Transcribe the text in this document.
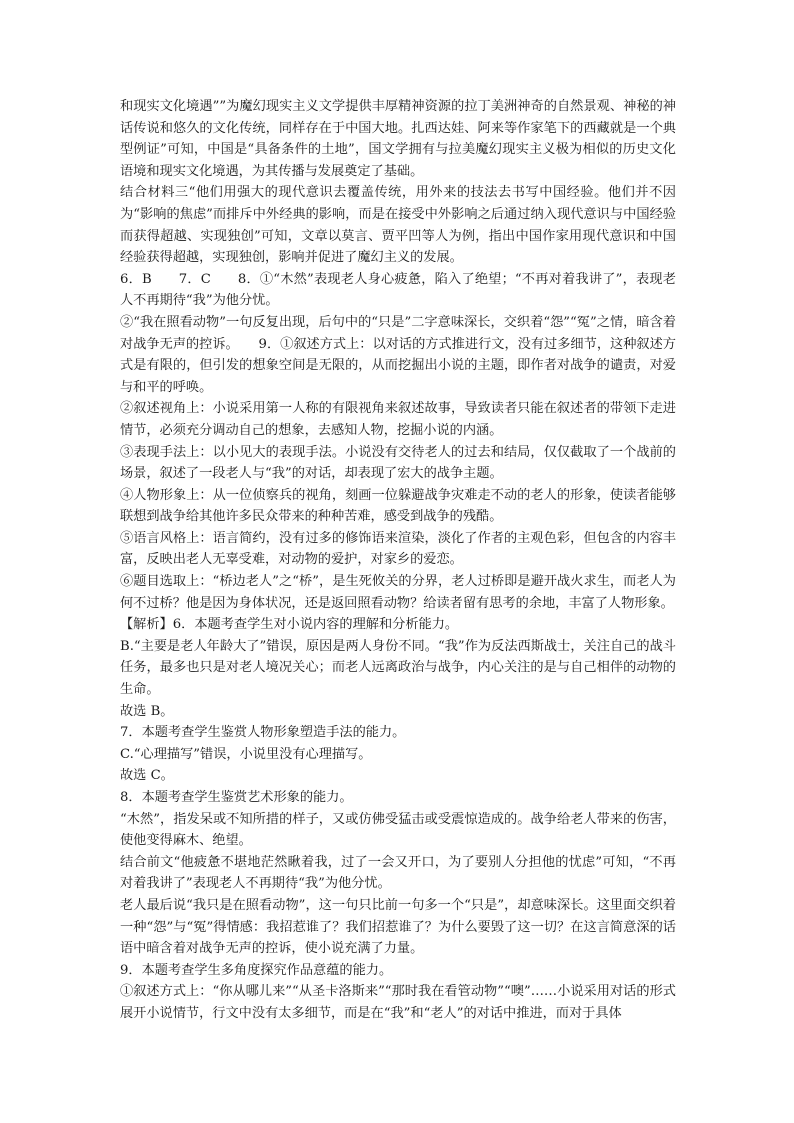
和现实文化境遇””为魔幻现实主义文学提供丰厚精神资源的拉丁美洲神奇的自然景观、神秘的神话传说和悠久的文化传统，同样存在于中国大地。扎西达娃、阿来等作家笔下的西藏就是一个典型例证”可知，中国是“具备条件的土地”，国文学拥有与拉美魔幻现实主义极为相似的历史文化语境和现实文化境遇，为其传播与发展奠定了基础。

结合材料三“他们用强大的现代意识去覆盖传统，用外来的技法去书写中国经验。他们并不因为“影响的焦虑”而排斥中外经典的影响，而是在接受中外影响之后通过纳入现代意识与中国经验而获得超越、实现独创”可知，文章以莫言、贾平凹等人为例，指出中国作家用现代意识和中国经验获得超越，实现独创，影响并促进了魔幻主义的发展。

6．B　　7．C　　8．①“木然”表现老人身心疲惫，陷入了绝望；“不再对着我讲了”，表现老人不再期待“我”为他分忧。

②“我在照看动物”一句反复出现，后句中的“只是”二字意味深长，交织着“怨”“冤”之情，暗含着对战争无声的控诉。　　9．①叙述方式上：以对话的方式推进行文，没有过多细节，这种叙述方式是有限的，但引发的想象空间是无限的，从而挖掘出小说的主题，即作者对战争的谴责，对爱与和平的呼唤。

②叙述视角上：小说采用第一人称的有限视角来叙述故事，导致读者只能在叙述者的带领下走进情节，必须充分调动自己的想象，去感知人物，挖掘小说的内涵。

③表现手法上：以小见大的表现手法。小说没有交待老人的过去和结局，仅仅截取了一个战前的场景，叙述了一段老人与“我”的对话，却表现了宏大的战争主题。

④人物形象上：从一位侦察兵的视角，刻画一位躲避战争灾难走不动的老人的形象，使读者能够联想到战争给其他许多民众带来的种种苦难，感受到战争的残酷。

⑤语言风格上：语言简约，没有过多的修饰语来渲染，淡化了作者的主观色彩，但包含的内容丰富，反映出老人无辜受难，对动物的爱护，对家乡的爱恋。

⑥题目选取上：“桥边老人”之“桥”，是生死攸关的分界，老人过桥即是避开战火求生，而老人为何不过桥？他是因为身体状况，还是返回照看动物？给读者留有思考的余地，丰富了人物形象。

【解析】6．本题考查学生对小说内容的理解和分析能力。

B.“主要是老人年龄大了”错误，原因是两人身份不同。“我”作为反法西斯战士，关注自己的战斗任务，最多也只是对老人境况关心；而老人远离政治与战争，内心关注的是与自己相伴的动物的生命。

故选 B。

7．本题考查学生鉴赏人物形象塑造手法的能力。

C.“心理描写”错误，小说里没有心理描写。

故选 C。

8．本题考查学生鉴赏艺术形象的能力。

“木然”，指发呆或不知所措的样子，又或仿佛受猛击或受震惊造成的。战争给老人带来的伤害，使他变得麻木、绝望。

结合前文“他疲惫不堪地茫然瞅着我，过了一会又开口，为了要别人分担他的忧虑”可知，“不再对着我讲了”表现老人不再期待“我”为他分忧。

老人最后说“我只是在照看动物”，这一句只比前一句多一个“只是”，却意味深长。这里面交织着一种“怨”与“冤”得情感：我招惹谁了？我们招惹谁了？为什么要毁了这一切？在这言简意深的话语中暗含着对战争无声的控诉，使小说充满了力量。

9．本题考查学生多角度探究作品意蕴的能力。

①叙述方式上：“你从哪儿来”“从圣卡洛斯来”“那时我在看管动物”“噢”……小说采用对话的形式展开小说情节，行文中没有太多细节，而是在“我”和“老人”的对话中推进，而对于具体
